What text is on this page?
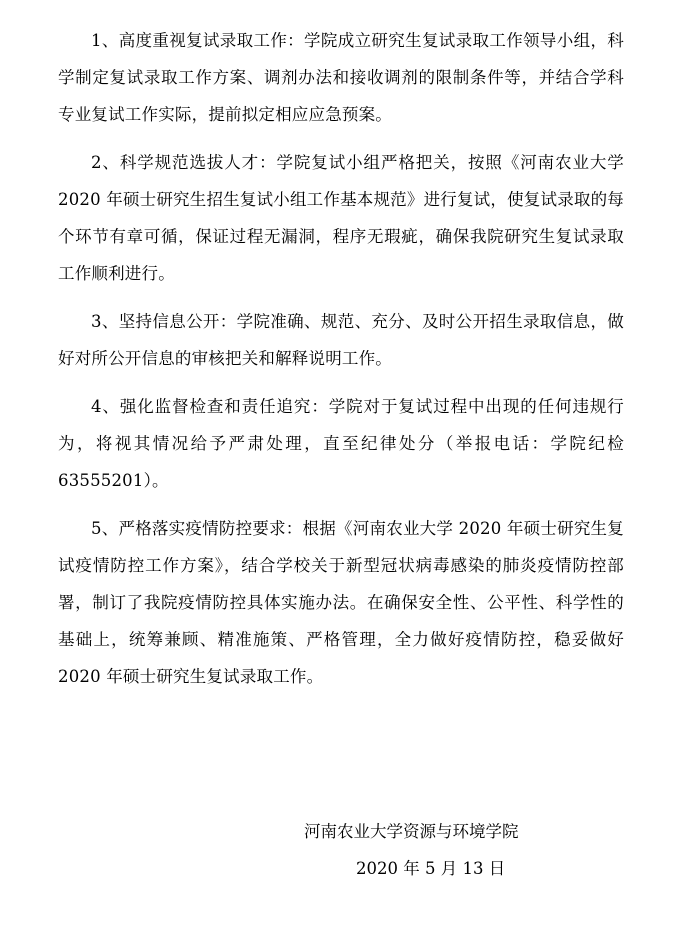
1、高度重视复试录取工作：学院成立研究生复试录取工作领导小组，科学制定复试录取工作方案、调剂办法和接收调剂的限制条件等，并结合学科专业复试工作实际，提前拟定相应应急预案。

2、科学规范选拔人才：学院复试小组严格把关，按照《河南农业大学 2020 年硕士研究生招生复试小组工作基本规范》进行复试，使复试录取的每个环节有章可循，保证过程无漏洞，程序无瑕疵，确保我院研究生复试录取工作顺利进行。

3、坚持信息公开：学院准确、规范、充分、及时公开招生录取信息，做好对所公开信息的审核把关和解释说明工作。

4、强化监督检查和责任追究：学院对于复试过程中出现的任何违规行为，将视其情况给予严肃处理，直至纪律处分（举报电话：学院纪检 63555201）。

5、严格落实疫情防控要求：根据《河南农业大学 2020 年硕士研究生复试疫情防控工作方案》，结合学校关于新型冠状病毒感染的肺炎疫情防控部署，制订了我院疫情防控具体实施办法。在确保安全性、公平性、科学性的基础上，统筹兼顾、精准施策、严格管理，全力做好疫情防控，稳妥做好 2020 年硕士研究生复试录取工作。

河南农业大学资源与环境学院

2020 年 5 月 13 日
